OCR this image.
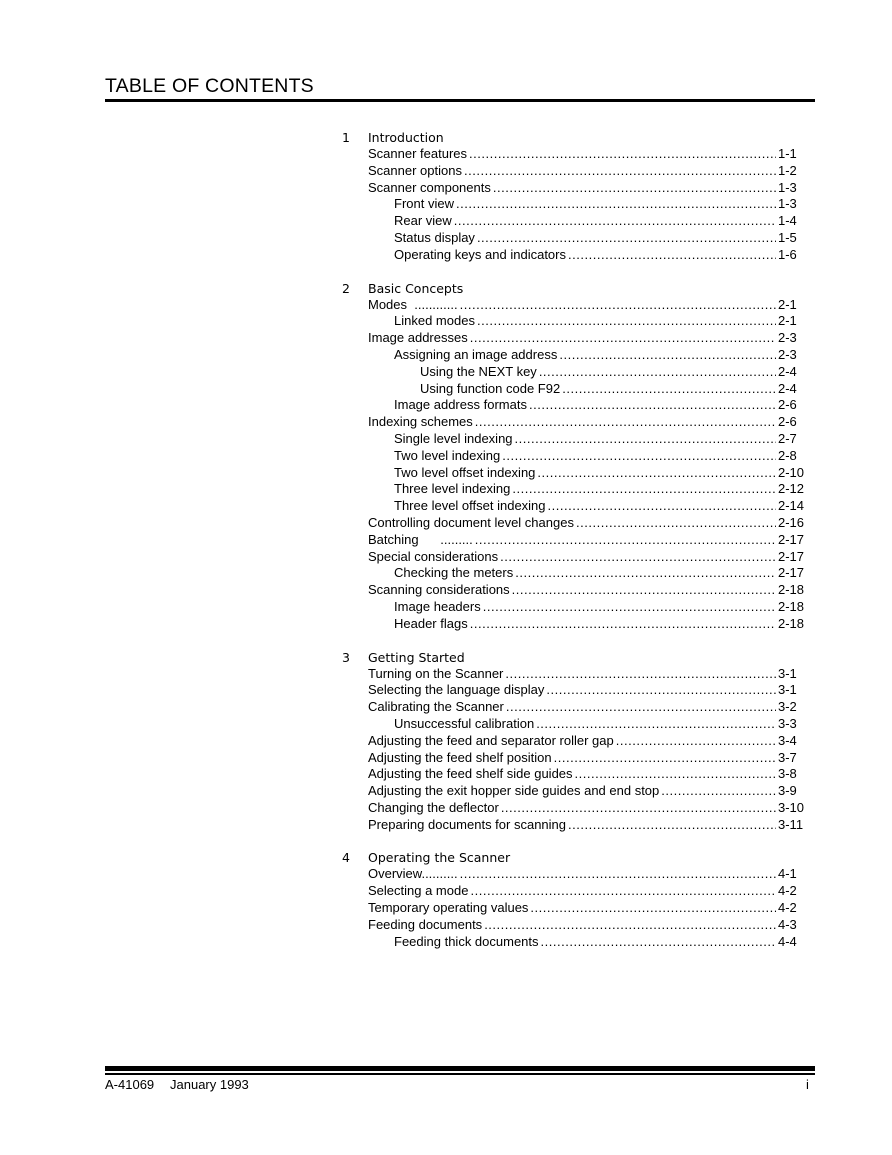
TABLE OF CONTENTS
1 Introduction
Scanner features . . .	1-1
Scanner options . . .	1-2
Scanner components . . .	1-3
Front view . . .	1-3
Rear view . . .	1-4
Status display . . .	1-5
Operating keys and indicators . . .	1-6
2 Basic Concepts
Modes  ............ . . .	2-1
Linked modes . . .	2-1
Image addresses . . .	2-3
Assigning an image address . . .	2-3
Using the NEXT key . . .	2-4
Using function code F92 . . .	2-4
Image address formats . . .	2-6
Indexing schemes . . .	2-6
Single level indexing . . .	2-7
Two level indexing . . .	2-8
Two level offset indexing . . .	2-10
Three level indexing . . .	2-12
Three level offset indexing . . .	2-14
Controlling document level changes . . .	2-16
Batching      ......... . . .	2-17
Special considerations . . .	2-17
Checking the meters . . .	2-17
Scanning considerations . . .	2-18
Image headers . . .	2-18
Header flags . . .	2-18
3 Getting Started
Turning on the Scanner . . .	3-1
Selecting the language display . . .	3-1
Calibrating the Scanner . . .	3-2
Unsuccessful calibration . . .	3-3
Adjusting the feed and separator roller gap . . .	3-4
Adjusting the feed shelf position . . .	3-7
Adjusting the feed shelf side guides . . .	3-8
Adjusting the exit hopper side guides and end stop . . .	3-9
Changing the deflector . . .	3-10
Preparing documents for scanning . . .	3-11
4 Operating the Scanner
Overview.......... . . .	4-1
Selecting a mode . . .	4-2
Temporary operating values . . .	4-2
Feeding documents . . .	4-3
Feeding thick documents . . .	4-4
A-41069 January 1993	i
